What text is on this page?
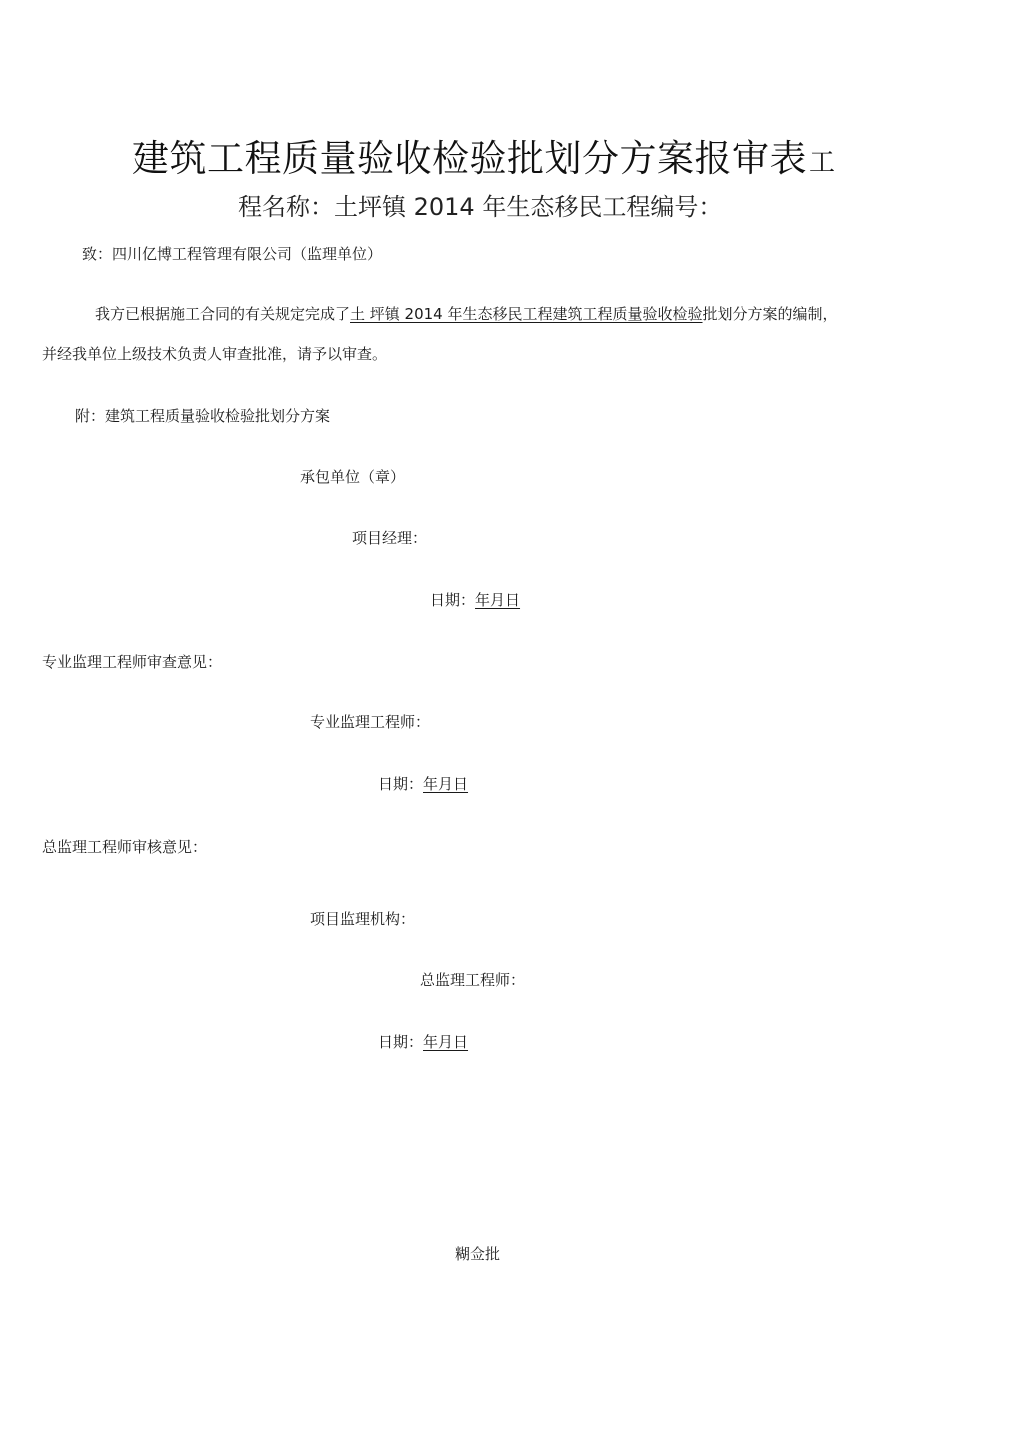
建筑工程质量验收检验批划分方案报审表工
程名称：土坪镇 2014 年生态移民工程编号：
致：四川亿博工程管理有限公司（监理单位）
我方已根据施工合同的有关规定完成了土 坪镇 2014 年生态移民工程建筑工程质量验收检验批划分方案的编制，
并经我单位上级技术负责人审查批准，请予以审查。
附：建筑工程质量验收检验批划分方案
承包单位（章）
项目经理：
日期：年月日
专业监理工程师审查意见：
专业监理工程师：
日期：年月日
总监理工程师审核意见：
项目监理机构：
总监理工程师：
日期：年月日
糊佥批
